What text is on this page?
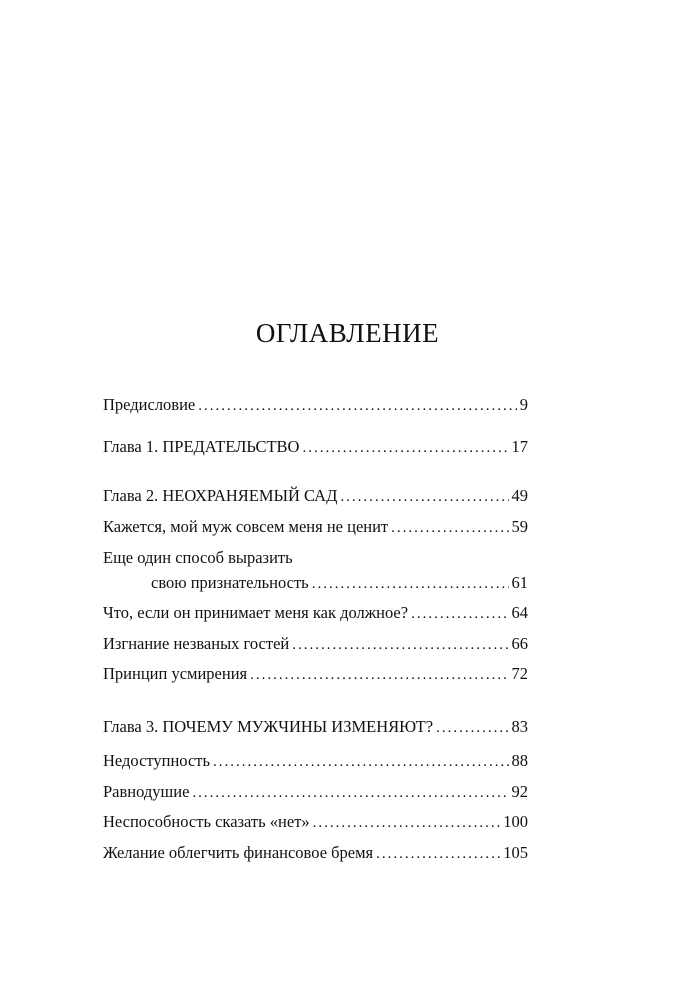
ОГЛАВЛЕНИЕ
Предисловие .....	9
Глава 1. ПРЕДАТЕЛЬСТВО .....	17
Глава 2. НЕОХРАНЯЕМЫЙ САД .....	49
Кажется, мой муж совсем меня не ценит .....	59
Еще один способ выразить
свою признательность .....	61
Что, если он принимает меня как должное? .....	64
Изгнание незваных гостей .....	66
Принцип усмирения .....	72
Глава 3. ПОЧЕМУ МУЖЧИНЫ ИЗМЕНЯЮТ? .....	83
Недоступность .....	88
Равнодушие .....	92
Неспособность сказать «нет» .....	100
Желание облегчить финансовое бремя .....	105
